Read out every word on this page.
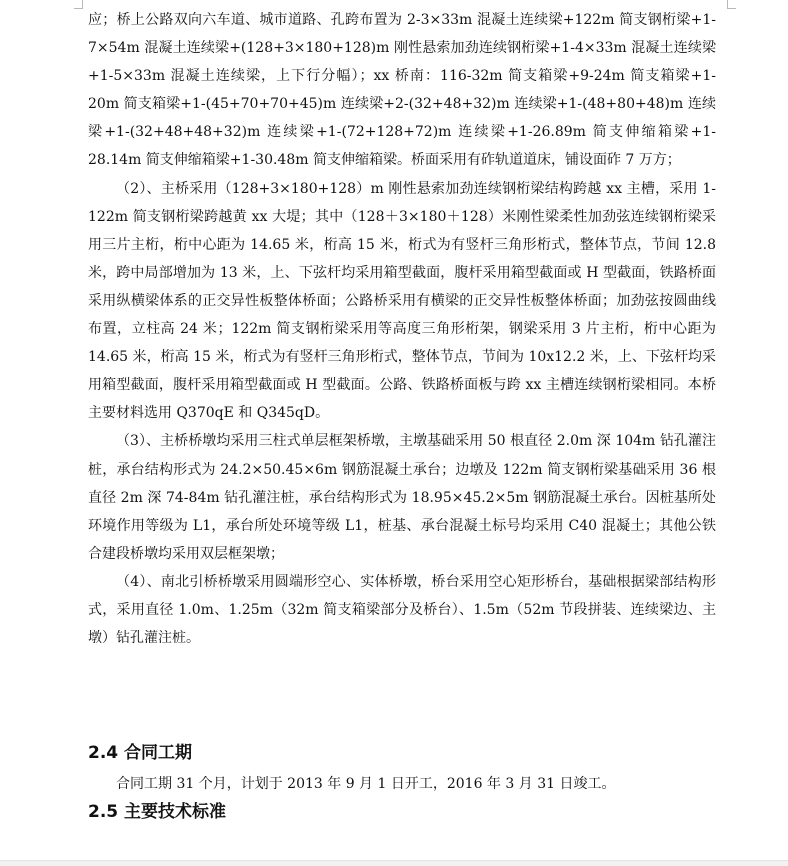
应；桥上公路双向六车道、城市道路、孔跨布置为 2-3×33m 混凝土连续梁+122m 简支钢桁梁+1-7×54m 混凝土连续梁+(128+3×180+128)m 刚性悬索加劲连续钢桁梁+1-4×33m 混凝土连续梁+1-5×33m 混凝土连续梁，上下行分幅）；xx 桥南：116-32m 简支箱梁+9-24m 简支箱梁+1-20m 简支箱梁+1-(45+70+70+45)m 连续梁+2-(32+48+32)m 连续梁+1-(48+80+48)m 连续梁+1-(32+48+48+32)m 连续梁+1-(72+128+72)m 连续梁+1-26.89m 简支伸缩箱梁+1-28.14m 简支伸缩箱梁+1-30.48m 简支伸缩箱梁。桥面采用有砟轨道道床，铺设面砟 7 万方；

（2）、主桥采用（128+3×180+128）m 刚性悬索加劲连续钢桁梁结构跨越 xx 主槽，采用 1-122m 简支钢桁梁跨越黄 xx 大堤；其中（128＋3×180＋128）米刚性梁柔性加劲弦连续钢桁梁采用三片主桁，桁中心距为 14.65 米，桁高 15 米，桁式为有竖杆三角形桁式，整体节点，节间 12.8 米，跨中局部增加为 13 米，上、下弦杆均采用箱型截面，腹杆采用箱型截面或 H 型截面，铁路桥面采用纵横梁体系的正交异性板整体桥面；公路桥采用有横梁的正交异性板整体桥面；加劲弦按圆曲线布置，立柱高 24 米；122m 简支钢桁梁采用等高度三角形桁架，钢梁采用 3 片主桁，桁中心距为 14.65 米，桁高 15 米，桁式为有竖杆三角形桁式，整体节点，节间为 10x12.2 米，上、下弦杆均采用箱型截面，腹杆采用箱型截面或 H 型截面。公路、铁路桥面板与跨 xx 主槽连续钢桁梁相同。本桥主要材料选用 Q370qE 和 Q345qD。

（3）、主桥桥墩均采用三柱式单层框架桥墩，主墩基础采用 50 根直径 2.0m 深 104m 钻孔灌注桩，承台结构形式为 24.2×50.45×6m 钢筋混凝土承台；边墩及 122m 简支钢桁梁基础采用 36 根直径 2m 深 74-84m 钻孔灌注桩，承台结构形式为 18.95×45.2×5m 钢筋混凝土承台。因桩基所处环境作用等级为 L1，承台所处环境等级 L1，桩基、承台混凝土标号均采用 C40 混凝土；其他公铁合建段桥墩均采用双层框架墩；

（4）、南北引桥桥墩采用圆端形空心、实体桥墩，桥台采用空心矩形桥台，基础根据梁部结构形式，采用直径 1.0m、1.25m（32m 简支箱梁部分及桥台）、1.5m（52m 节段拼装、连续梁边、主墩）钻孔灌注桩。

2.4 合同工期
合同工期 31 个月，计划于 2013 年 9 月 1 日开工，2016 年 3 月 31 日竣工。
2.5 主要技术标准
